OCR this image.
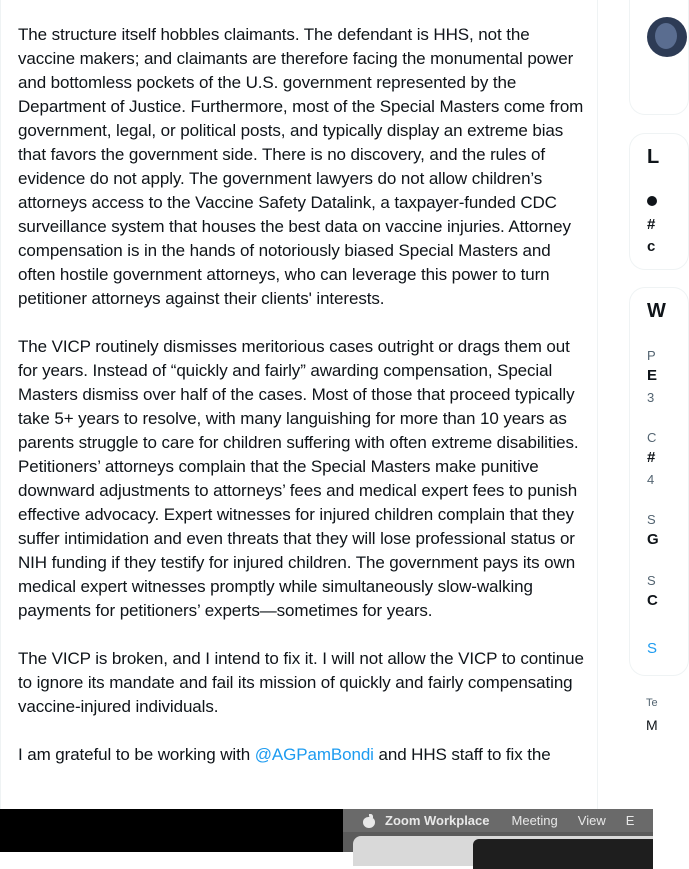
The structure itself hobbles claimants. The defendant is HHS, not the vaccine makers; and claimants are therefore facing the monumental power and bottomless pockets of the U.S. government represented by the Department of Justice. Furthermore, most of the Special Masters come from government, legal, or political posts, and typically display an extreme bias that favors the government side. There is no discovery, and the rules of evidence do not apply. The government lawyers do not allow children’s attorneys access to the Vaccine Safety Datalink, a taxpayer-funded CDC surveillance system that houses the best data on vaccine injuries. Attorney compensation is in the hands of notoriously biased Special Masters and often hostile government attorneys, who can leverage this power to turn petitioner attorneys against their clients' interests.

The VICP routinely dismisses meritorious cases outright or drags them out for years. Instead of “quickly and fairly” awarding compensation, Special Masters dismiss over half of the cases. Most of those that proceed typically take 5+ years to resolve, with many languishing for more than 10 years as parents struggle to care for children suffering with often extreme disabilities. Petitioners’ attorneys complain that the Special Masters make punitive downward adjustments to attorneys’ fees and medical expert fees to punish effective advocacy. Expert witnesses for injured children complain that they suffer intimidation and even threats that they will lose professional status or NIH funding if they testify for injured children. The government pays its own medical expert witnesses promptly while simultaneously slow-walking payments for petitioners’ experts—sometimes for years.

The VICP is broken, and I intend to fix it. I will not allow the VICP to continue to ignore its mandate and fail its mission of quickly and fairly compensating vaccine-injured individuals.

I am grateful to be working with @AGPamBondi and HHS staff to fix the

L
#
c
W
P
E
3
C
#
4
S
G
S
C
S
Te
M
Zoom Workplace Meeting View E
